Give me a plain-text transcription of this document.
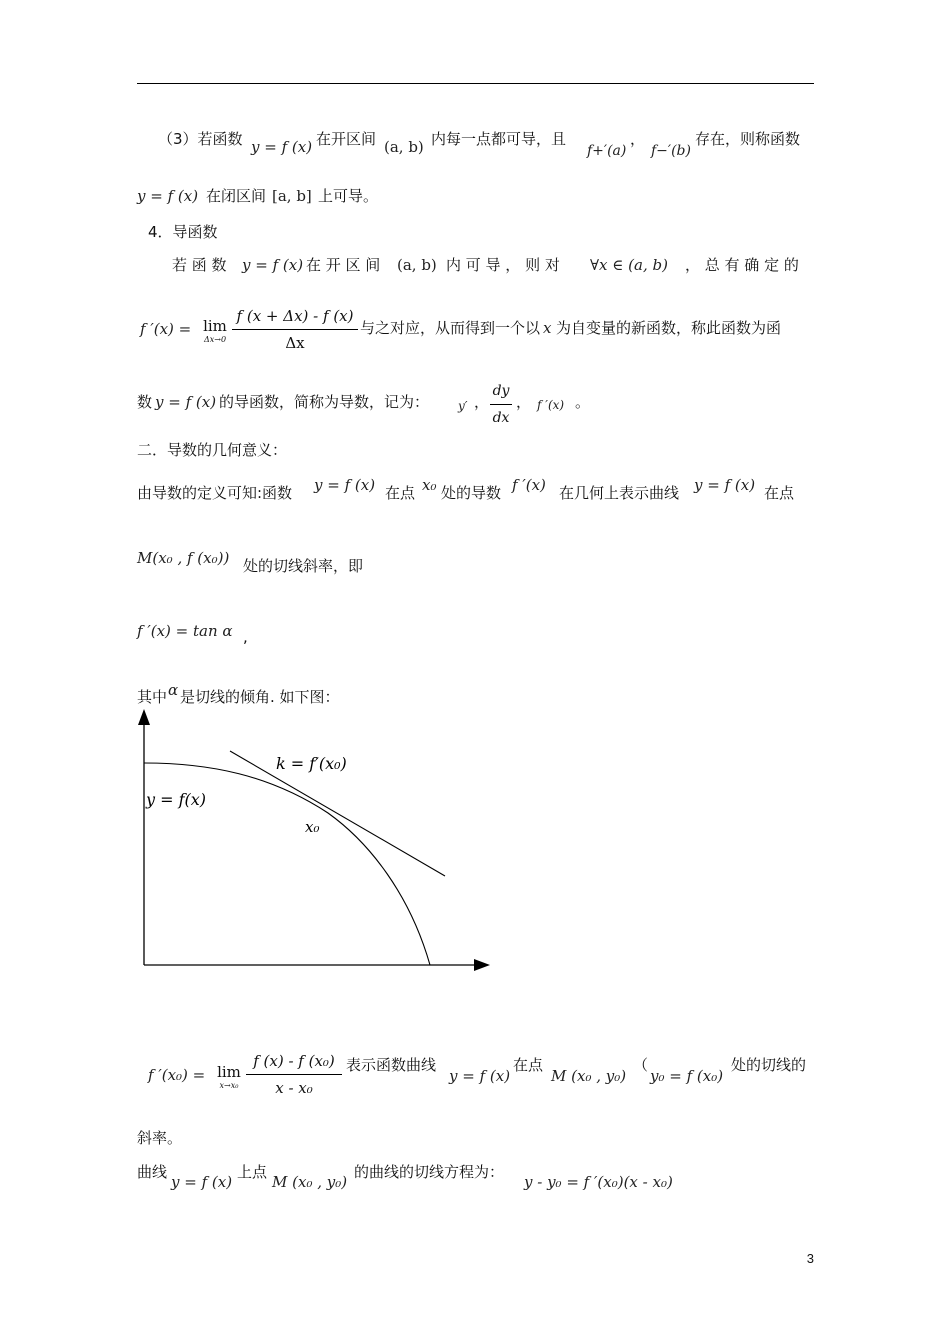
（3）若函数 y = f (x) 在开区间 (a, b) 内每一点都可导，且
f+′(a)
，
f−′(b)
存在，则称函数
y = f (x) 在闭区间 [a, b] 上可导。
4．导函数
若 函 数 y = f (x) 在 开 区 间 (a, b) 内 可 导 ， 则 对 ∀x ∈ (a, b) ， 总 有 确 定 的
f ′(x) = lim
Δx→0
f (x + Δx) - f (x)
Δx
与之对应，从而得到一个以 x 为自变量的新函数，称此函数为函
数 y = f (x) 的导函数，简称为导数，记为： y′ ，
dy
dx
， f ′(x) 。
二．导数的几何意义：
由导数的定义可知:函数 y = f (x) 在点 x₀ 处的导数 f ′(x) 在几何上表示曲线 y = f (x) 在点
M(x₀ , f (x₀)) 处的切线斜率，即
f ′(x) = tan α ,
其中 α 是切线的倾角. 如下图：
k = f′(x₀)
y = f(x)
x₀
f ′(x₀) = lim
x→x₀
f (x) - f (x₀)
x - x₀
表示函数曲线
y = f (x)
在点
M (x₀ , y₀)
（
y₀ = f (x₀)
处的切线的
斜率。
曲线
y = f (x)
上点
M (x₀ , y₀)
的曲线的切线方程为：
y - y₀ = f ′(x₀)(x - x₀)
3
